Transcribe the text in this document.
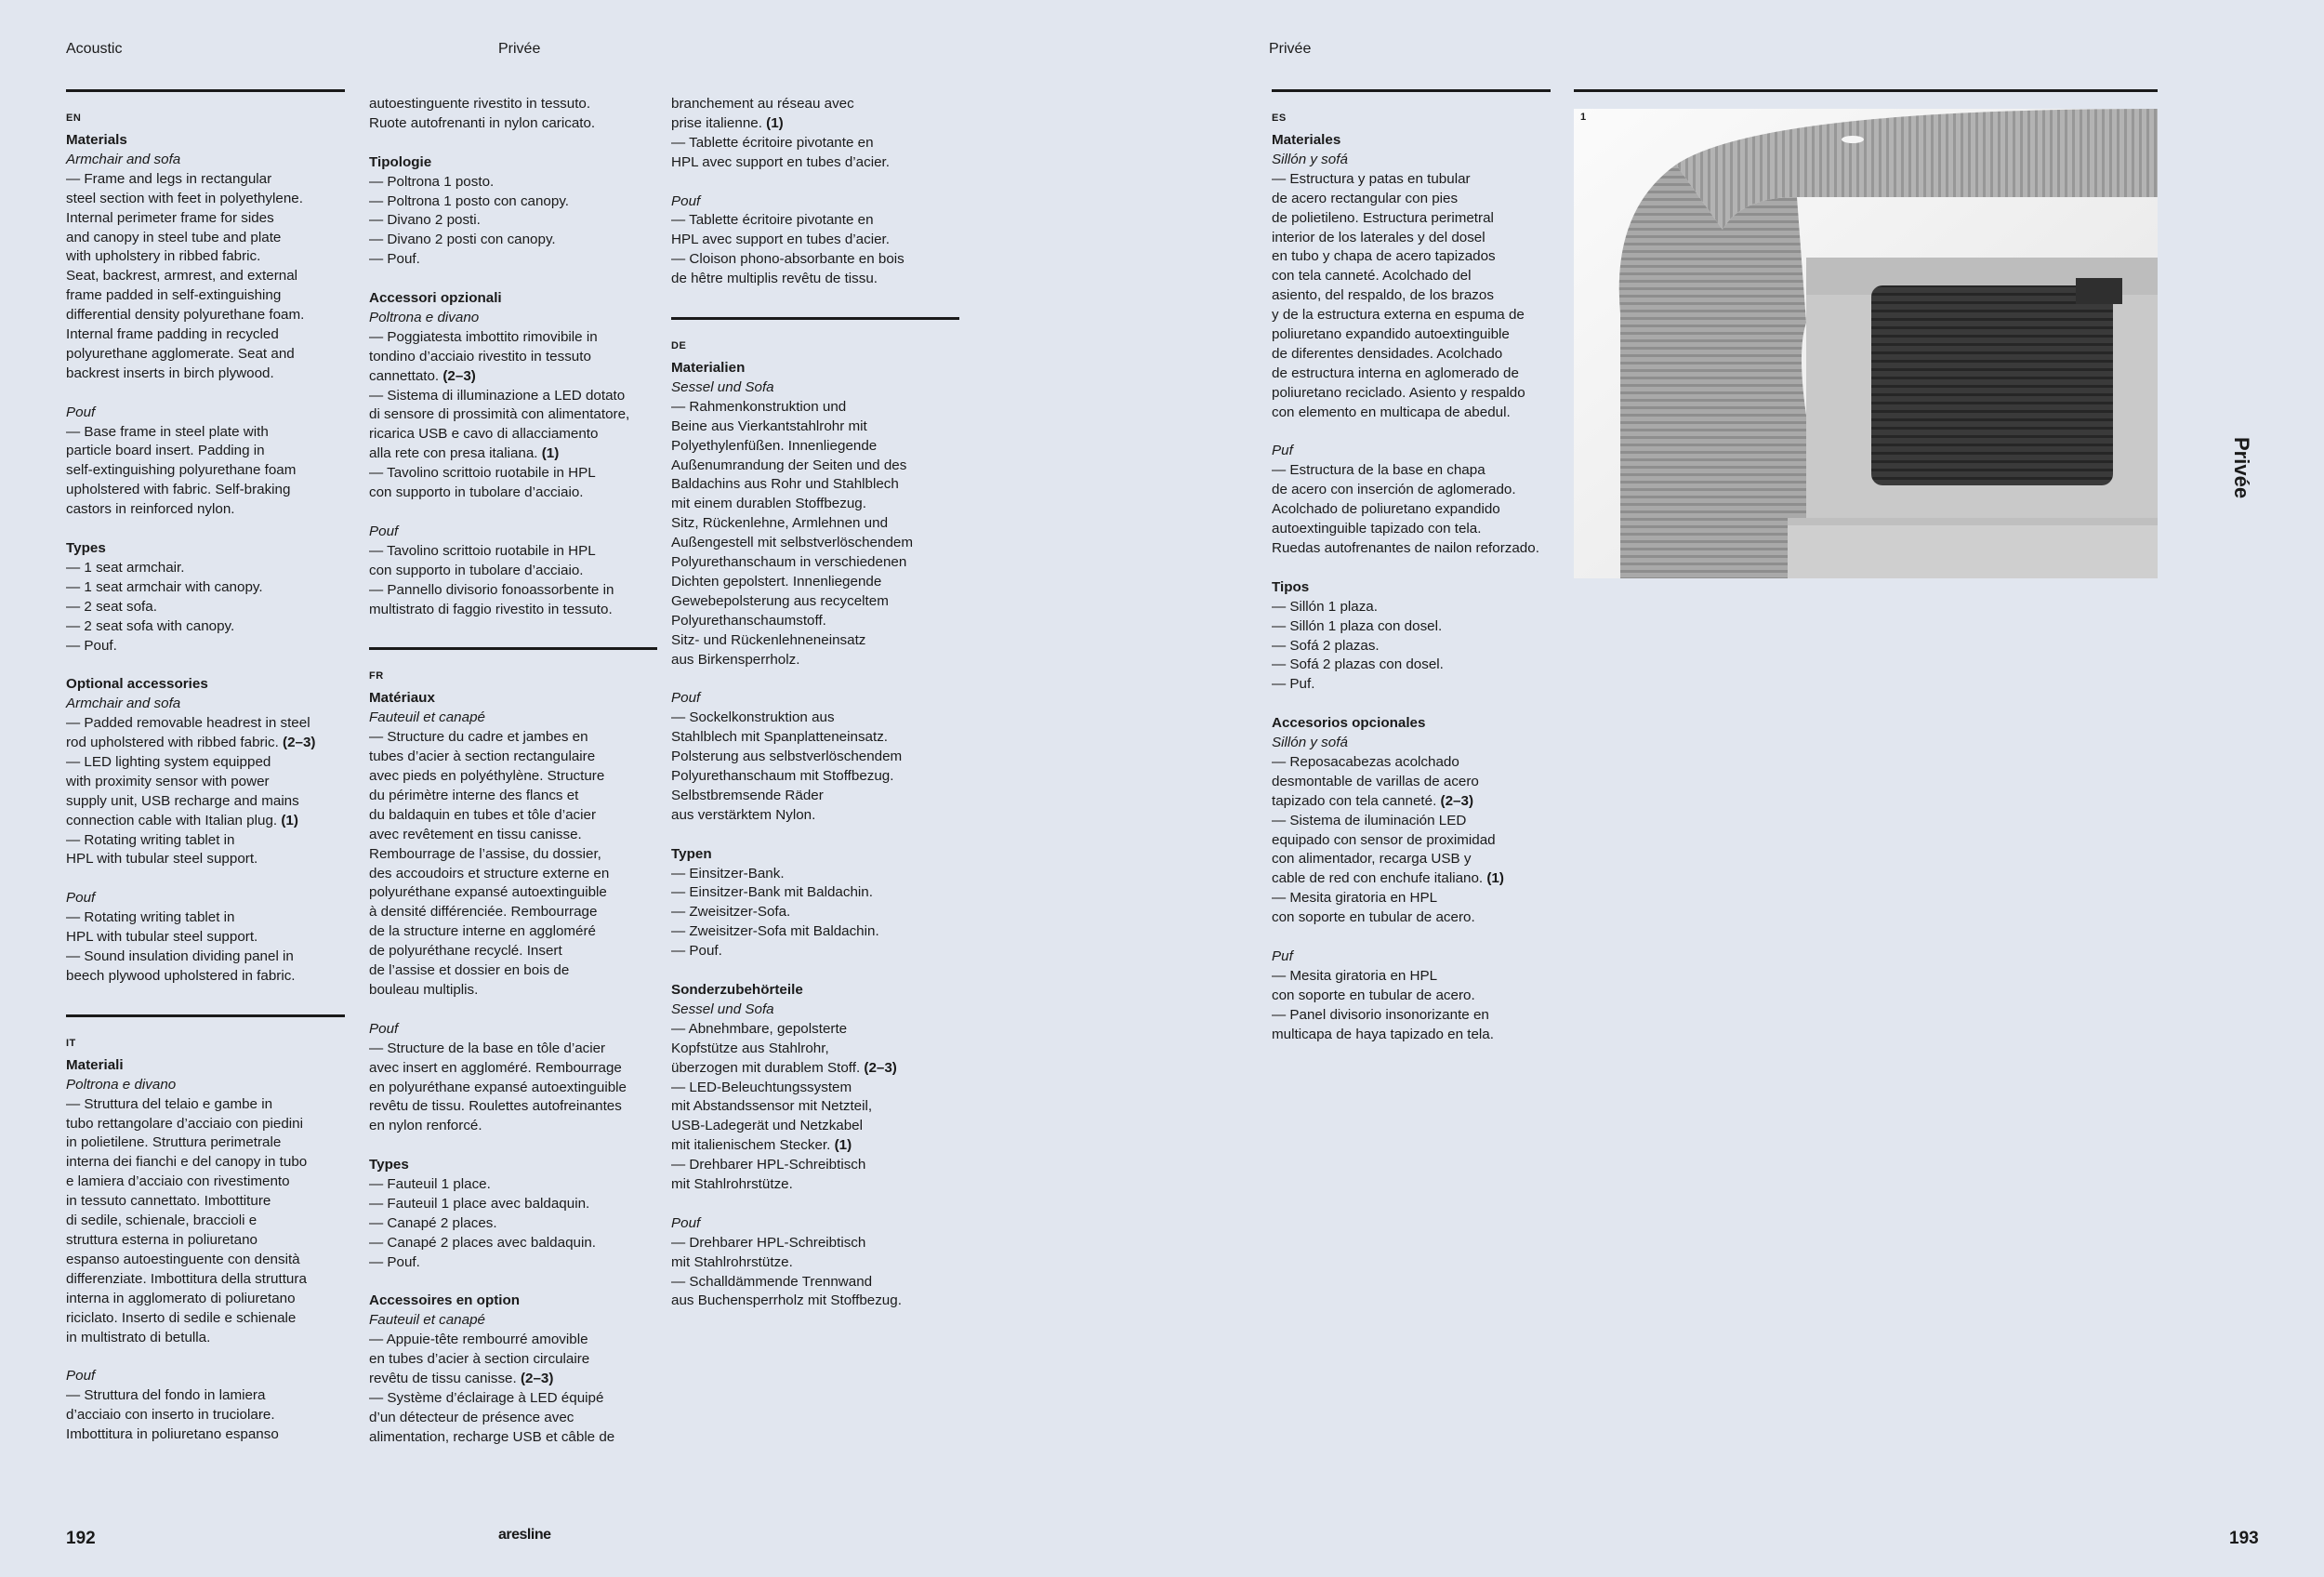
Acoustic	Privée	Privée
EN
Materials
Armchair and sofa
— Frame and legs in rectangular
steel section with feet in polyethylene.
Internal perimeter frame for sides
and canopy in steel tube and plate
with upholstery in ribbed fabric.
Seat, backrest, armrest, and external
frame padded in self-extinguishing
differential density polyurethane foam.
Internal frame padding in recycled
polyurethane agglomerate. Seat and
backrest inserts in birch plywood.
Pouf
— Base frame in steel plate with
particle board insert. Padding in
self-extinguishing polyurethane foam
upholstered with fabric. Self-braking
castors in reinforced nylon.
Types
— 1 seat armchair.
— 1 seat armchair with canopy.
— 2 seat sofa.
— 2 seat sofa with canopy.
— Pouf.
Optional accessories
Armchair and sofa
— Padded removable headrest in steel
rod upholstered with ribbed fabric. (2–3)
— LED lighting system equipped
with proximity sensor with power
supply unit, USB recharge and mains
connection cable with Italian plug. (1)
— Rotating writing tablet in
HPL with tubular steel support.
Pouf
— Rotating writing tablet in
HPL with tubular steel support.
— Sound insulation dividing panel in
beech plywood upholstered in fabric.
IT
Materiali
Poltrona e divano
— Struttura del telaio e gambe in
tubo rettangolare d’acciaio con piedini
in polietilene. Struttura perimetrale
interna dei fianchi e del canopy in tubo
e lamiera d’acciaio con rivestimento
in tessuto cannettato. Imbottiture
di sedile, schienale, braccioli e
struttura esterna in poliuretano
espanso autoestinguente con densità
differenziate. Imbottitura della struttura
interna in agglomerato di poliuretano
riciclato. Inserto di sedile e schienale
in multistrato di betulla.
Pouf
— Struttura del fondo in lamiera
d’acciaio con inserto in truciolare.
Imbottitura in poliuretano espanso
autoestinguente rivestito in tessuto.
Ruote autofrenanti in nylon caricato.
Tipologie
— Poltrona 1 posto.
— Poltrona 1 posto con canopy.
— Divano 2 posti.
— Divano 2 posti con canopy.
— Pouf.
Accessori opzionali
Poltrona e divano
— Poggiatesta imbottito rimovibile in
tondino d’acciaio rivestito in tessuto
cannettato. (2–3)
— Sistema di illuminazione a LED dotato
di sensore di prossimità con alimentatore,
ricarica USB e cavo di allacciamento
alla rete con presa italiana. (1)
— Tavolino scrittoio ruotabile in HPL
con supporto in tubolare d’acciaio.
Pouf
— Tavolino scrittoio ruotabile in HPL
con supporto in tubolare d’acciaio.
— Pannello divisorio fonoassorbente in
multistrato di faggio rivestito in tessuto.
FR
Matériaux
Fauteuil et canapé
— Structure du cadre et jambes en
tubes d’acier à section rectangulaire
avec pieds en polyéthylène. Structure
du périmètre interne des flancs et
du baldaquin en tubes et tôle d’acier
avec revêtement en tissu canisse.
Rembourrage de l’assise, du dossier,
des accoudoirs et structure externe en
polyuréthane expansé autoextinguible
à densité différenciée. Rembourrage
de la structure interne en aggloméré
de polyuréthane recyclé. Insert
de l’assise et dossier en bois de
bouleau multiplis.
Pouf
— Structure de la base en tôle d’acier
avec insert en aggloméré. Rembourrage
en polyuréthane expansé autoextinguible
revêtu de tissu. Roulettes autofreinantes
en nylon renforcé.
Types
— Fauteuil 1 place.
— Fauteuil 1 place avec baldaquin.
— Canapé 2 places.
— Canapé 2 places avec baldaquin.
— Pouf.
Accessoires en option
Fauteuil et canapé
— Appuie-tête rembourré amovible
en tubes d’acier à section circulaire
revêtu de tissu canisse. (2–3)
— Système d’éclairage à LED équipé
d’un détecteur de présence avec
alimentation, recharge USB et câble de
branchement au réseau avec
prise italienne. (1)
— Tablette écritoire pivotante en
HPL avec support en tubes d’acier.
Pouf
— Tablette écritoire pivotante en
HPL avec support en tubes d’acier.
— Cloison phono-absorbante en bois
de hêtre multiplis revêtu de tissu.
DE
Materialien
Sessel und Sofa
— Rahmenkonstruktion und
Beine aus Vierkantstahlrohr mit
Polyethylenfüßen. Innenliegende
Außenumrandung der Seiten und des
Baldachins aus Rohr und Stahlblech
mit einem durablen Stoffbezug.
Sitz, Rückenlehne, Armlehnen und
Außengestell mit selbstverlöschendem
Polyurethanschaum in verschiedenen
Dichten gepolstert. Innenliegende
Gewebepolsterung aus recyceltem
Polyurethanschaumstoff.
Sitz- und Rückenlehneneinsatz
aus Birkensperrholz.
Pouf
— Sockelkonstruktion aus
Stahlblech mit Spanplatteneinsatz.
Polsterung aus selbstverlöschendem
Polyurethanschaum mit Stoffbezug.
Selbstbremsende Räder
aus verstärktem Nylon.
Typen
— Einsitzer-Bank.
— Einsitzer-Bank mit Baldachin.
— Zweisitzer-Sofa.
— Zweisitzer-Sofa mit Baldachin.
— Pouf.
Sonderzubehörteile
Sessel und Sofa
— Abnehmbare, gepolsterte
Kopfstütze aus Stahlrohr,
überzogen mit durablem Stoff. (2–3)
— LED-Beleuchtungssystem
mit Abstandssensor mit Netzteil,
USB-Ladegerät und Netzkabel
mit italienischem Stecker. (1)
— Drehbarer HPL-Schreibtisch
mit Stahlrohrstütze.
Pouf
— Drehbarer HPL-Schreibtisch
mit Stahlrohrstütze.
— Schalldämmende Trennwand
aus Buchensperrholz mit Stoffbezug.
ES
Materiales
Sillón y sofá
— Estructura y patas en tubular
de acero rectangular con pies
de polietileno. Estructura perimetral
interior de los laterales y del dosel
en tubo y chapa de acero tapizados
con tela canneté. Acolchado del
asiento, del respaldo, de los brazos
y de la estructura externa en espuma de
poliuretano expandido autoextinguible
de diferentes densidades. Acolchado
de estructura interna en aglomerado de
poliuretano reciclado. Asiento y respaldo
con elemento en multicapa de abedul.
Puf
— Estructura de la base en chapa
de acero con inserción de aglomerado.
Acolchado de poliuretano expandido
autoextinguible tapizado con tela.
Ruedas autofrenantes de nailon reforzado.
Tipos
— Sillón 1 plaza.
— Sillón 1 plaza con dosel.
— Sofá 2 plazas.
— Sofá 2 plazas con dosel.
— Puf.
Accesorios opcionales
Sillón y sofá
— Reposacabezas acolchado
desmontable de varillas de acero
tapizado con tela canneté. (2–3)
— Sistema de iluminación LED
equipado con sensor de proximidad
con alimentador, recarga USB y
cable de red con enchufe italiano. (1)
— Mesita giratoria en HPL
con soporte en tubular de acero.
Puf
— Mesita giratoria en HPL
con soporte en tubular de acero.
— Panel divisorio insonorizante en
multicapa de haya tapizado en tela.
1
Privée
192	aresline	193
